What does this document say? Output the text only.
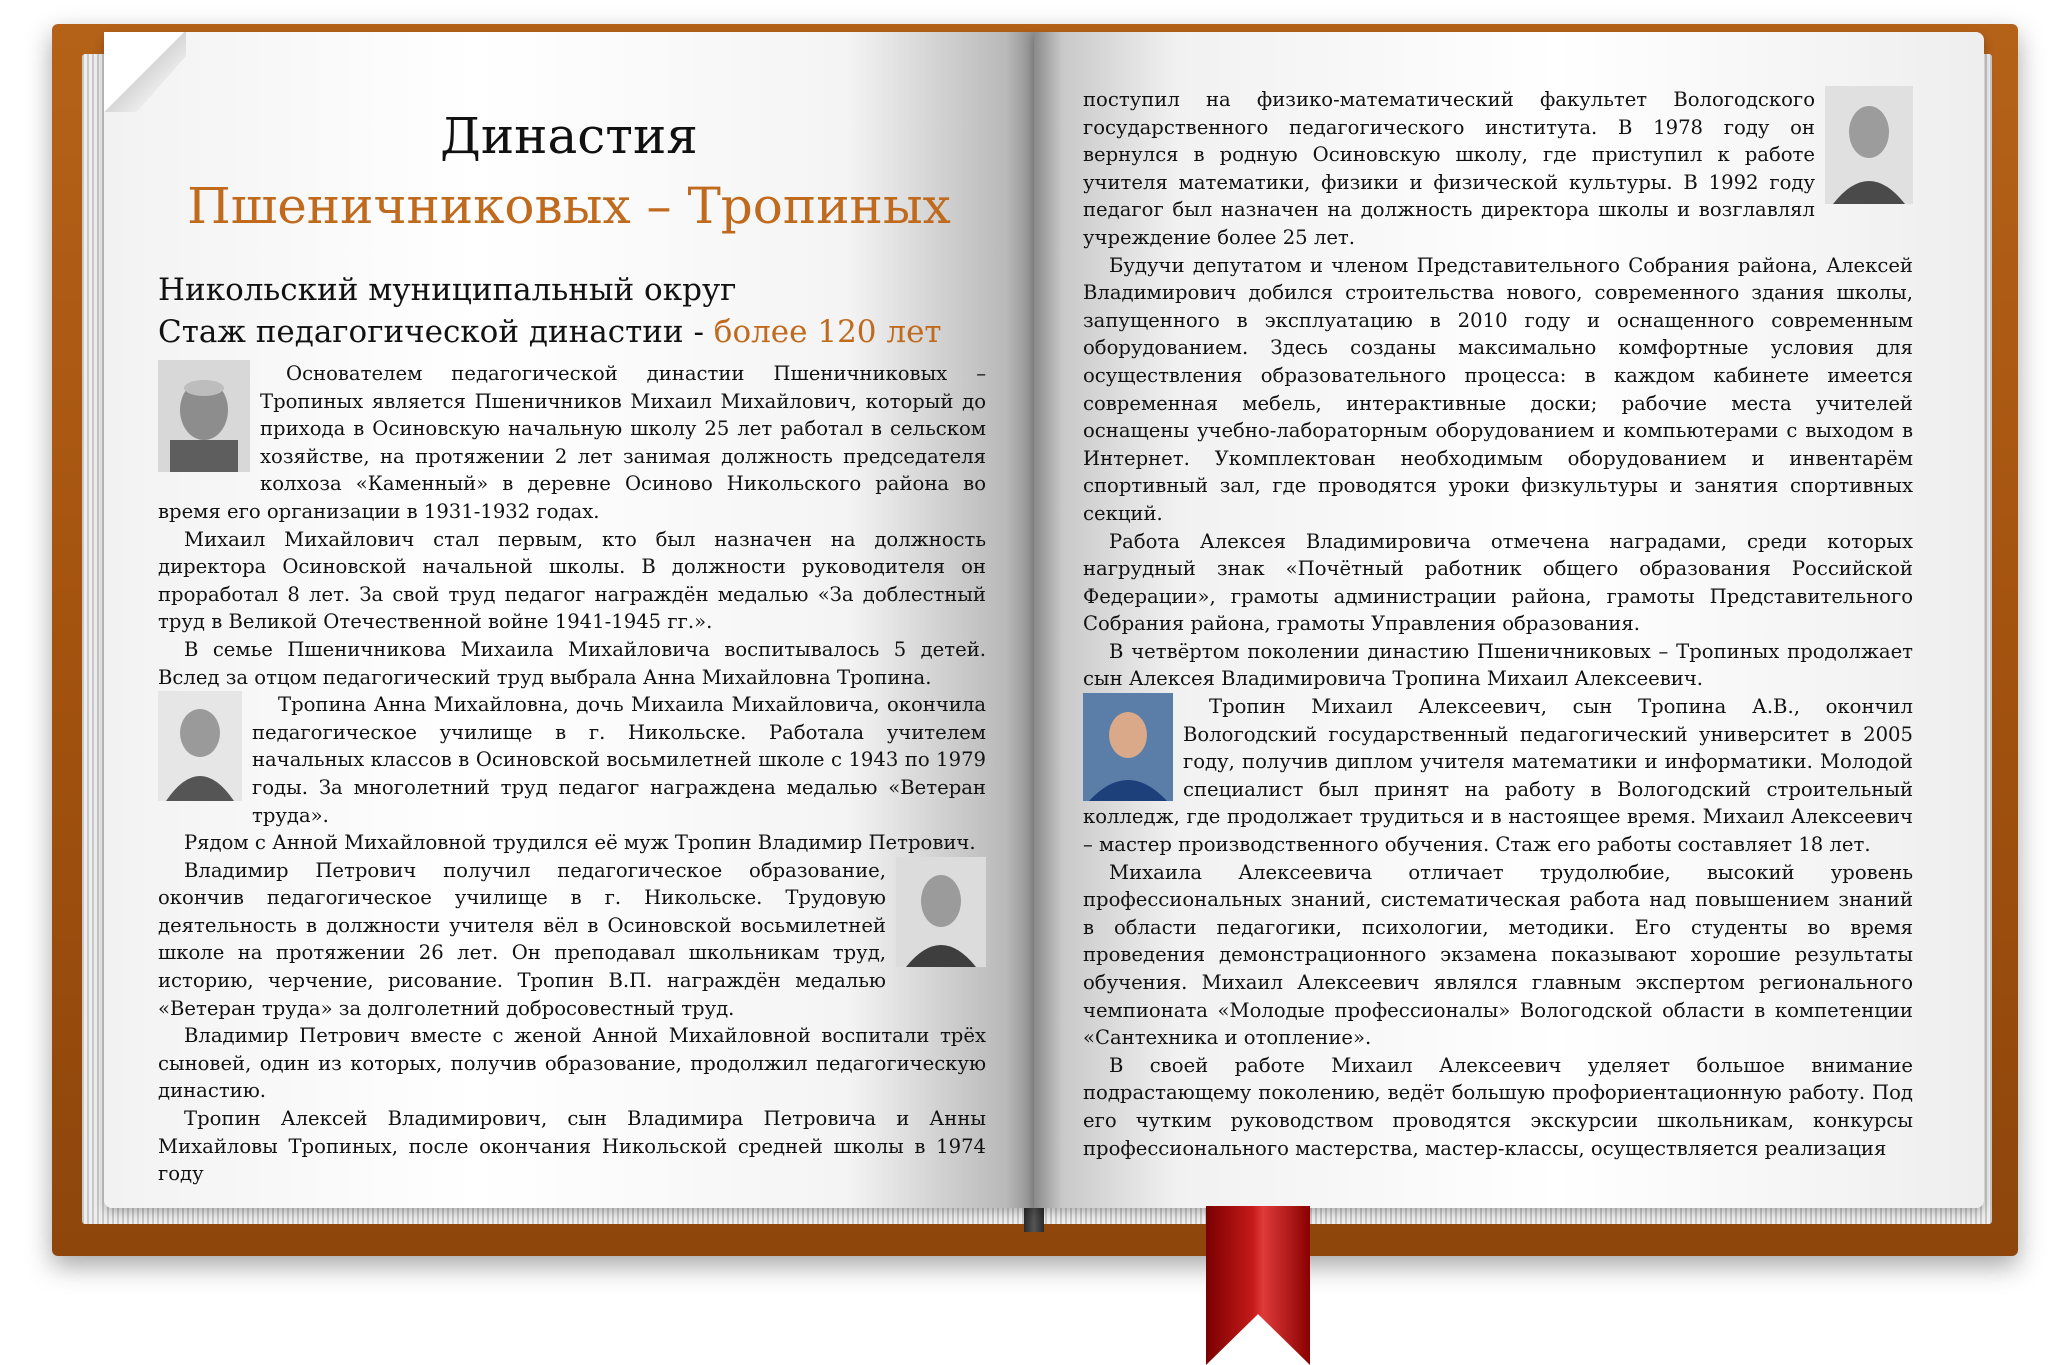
Династия
Пшеничниковых – Тропиных
Никольский муниципальный округ
Стаж педагогической династии - более 120 лет

Основателем педагогической династии Пшеничниковых – Тропиных является Пшеничников Михаил Михайлович, который до прихода в Осиновскую начальную школу 25 лет работал в сельском хозяйстве, на протяжении 2 лет занимая должность председателя колхоза «Каменный» в деревне Осиново Никольского района во время его организации в 1931-1932 годах.

Михаил Михайлович стал первым, кто был назначен на должность директора Осиновской начальной школы. В должности руководителя он проработал 8 лет. За свой труд педагог награждён медалью «За доблестный труд в Великой Отечественной войне 1941-1945 гг.».

В семье Пшеничникова Михаила Михайловича воспитывалось 5 детей. Вслед за отцом педагогический труд выбрала Анна Михайловна Тропина.

Тропина Анна Михайловна, дочь Михаила Михайловича, окончила педагогическое училище в г. Никольске. Работала учителем начальных классов в Осиновской восьмилетней школе с 1943 по 1979 годы. За многолетний труд педагог награждена медалью «Ветеран труда».

Рядом с Анной Михайловной трудился её муж Тропин Владимир Петрович.

Владимир Петрович получил педагогическое образование, окончив педагогическое училище в г. Никольске. Трудовую деятельность в должности учителя вёл в Осиновской восьмилетней школе на протяжении 26 лет. Он преподавал школьникам труд, историю, черчение, рисование. Тропин В.П. награждён медалью «Ветеран труда» за долголетний добросовестный труд.

Владимир Петрович вместе с женой Анной Михайловной воспитали трёх сыновей, один из которых, получив образование, продолжил педагогическую династию.

Тропин Алексей Владимирович, сын Владимира Петровича и Анны Михайловы Тропиных, после окончания Никольской средней школы в 1974 году

поступил на физико-математический факультет Вологодского государственного педагогического института. В 1978 году он вернулся в родную Осиновскую школу, где приступил к работе учителя математики, физики и физической культуры. В 1992 году педагог был назначен на должность директора школы и возглавлял учреждение более 25 лет.

Будучи депутатом и членом Представительного Собрания района, Алексей Владимирович добился строительства нового, современного здания школы, запущенного в эксплуатацию в 2010 году и оснащенного современным оборудованием. Здесь созданы максимально комфортные условия для осуществления образовательного процесса: в каждом кабинете имеется современная мебель, интерактивные доски; рабочие места учителей оснащены учебно-лабораторным оборудованием и компьютерами с выходом в Интернет. Укомплектован необходимым оборудованием и инвентарём спортивный зал, где проводятся уроки физкультуры и занятия спортивных секций.

Работа Алексея Владимировича отмечена наградами, среди которых нагрудный знак «Почётный работник общего образования Российской Федерации», грамоты администрации района, грамоты Представительного Собрания района, грамоты Управления образования.

В четвёртом поколении династию Пшеничниковых – Тропиных продолжает сын Алексея Владимировича Тропина Михаил Алексеевич.

Тропин Михаил Алексеевич, сын Тропина А.В., окончил Вологодский государственный педагогический университет в 2005 году, получив диплом учителя математики и информатики. Молодой специалист был принят на работу в Вологодский строительный колледж, где продолжает трудиться и в настоящее время. Михаил Алексеевич – мастер производственного обучения. Стаж его работы составляет 18 лет.

Михаила Алексеевича отличает трудолюбие, высокий уровень профессиональных знаний, систематическая работа над повышением знаний в области педагогики, психологии, методики. Его студенты во время проведения демонстрационного экзамена показывают хорошие результаты обучения. Михаил Алексеевич являлся главным экспертом регионального чемпионата «Молодые профессионалы» Вологодской области в компетенции «Сантехника и отопление».

В своей работе Михаил Алексеевич уделяет большое внимание подрастающему поколению, ведёт большую профориентационную работу. Под его чутким руководством проводятся экскурсии школьникам, конкурсы профессионального мастерства, мастер-классы, осуществляется реализация
